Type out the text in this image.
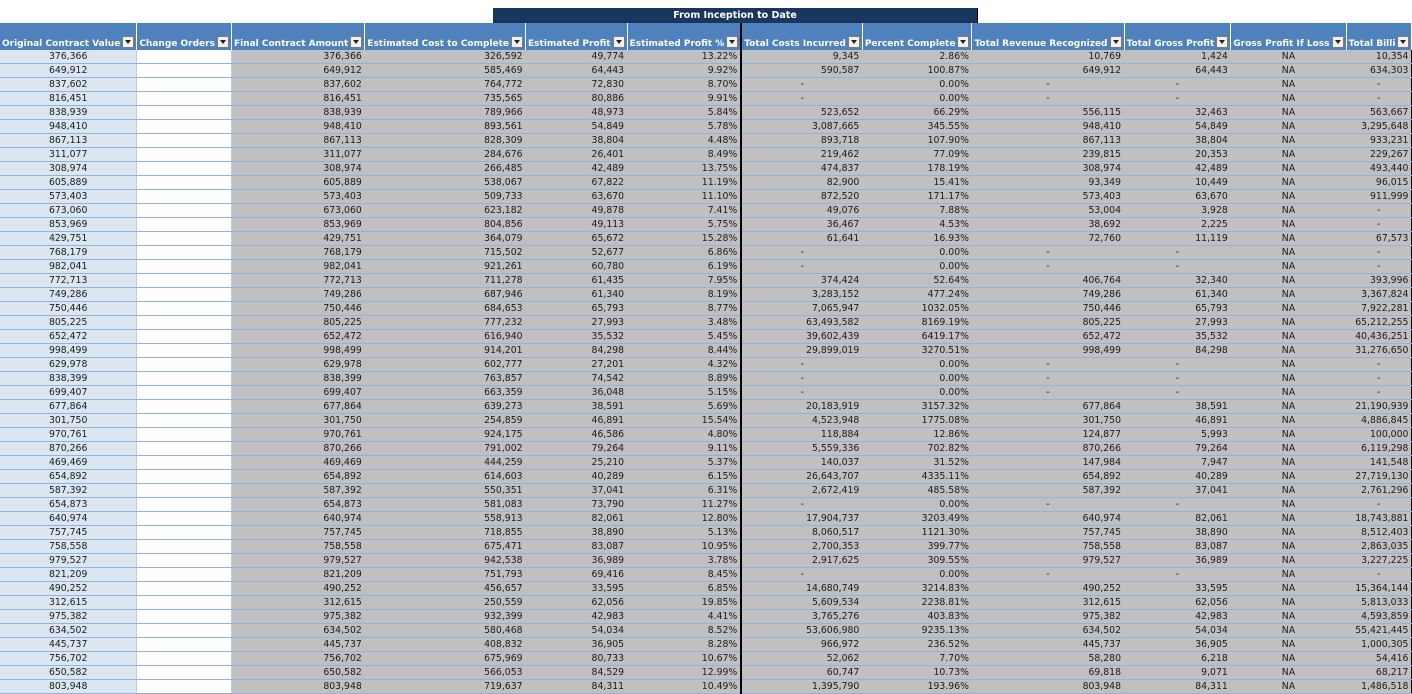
From Inception to Date
Original Contract Value	Change Orders	Final Contract Amount	Estimated Cost to Complete	Estimated Profit	Estimated Profit %	Total Costs Incurred	Percent Complete	Total Revenue Recognized	Total Gross Profit	Gross Profit If Loss	Total Billi

376,366		376,366	326,592	49,774	13.22%	9,345	2.86%	10,769	1,424	NA	10,354
649,912		649,912	585,469	64,443	9.92%	590,587	100.87%	649,912	64,443	NA	634,303
837,602		837,602	764,772	72,830	8.70%	-	0.00%	-	-	NA	-
816,451		816,451	735,565	80,886	9.91%	-	0.00%	-	-	NA	-
838,939		838,939	789,966	48,973	5.84%	523,652	66.29%	556,115	32,463	NA	563,667
948,410		948,410	893,561	54,849	5.78%	3,087,665	345.55%	948,410	54,849	NA	3,295,648
867,113		867,113	828,309	38,804	4.48%	893,718	107.90%	867,113	38,804	NA	933,231
311,077		311,077	284,676	26,401	8.49%	219,462	77.09%	239,815	20,353	NA	229,267
308,974		308,974	266,485	42,489	13.75%	474,837	178.19%	308,974	42,489	NA	493,440
605,889		605,889	538,067	67,822	11.19%	82,900	15.41%	93,349	10,449	NA	96,015
573,403		573,403	509,733	63,670	11.10%	872,520	171.17%	573,403	63,670	NA	911,999
673,060		673,060	623,182	49,878	7.41%	49,076	7.88%	53,004	3,928	NA	-
853,969		853,969	804,856	49,113	5.75%	36,467	4.53%	38,692	2,225	NA	-
429,751		429,751	364,079	65,672	15.28%	61,641	16.93%	72,760	11,119	NA	67,573
768,179		768,179	715,502	52,677	6.86%	-	0.00%	-	-	NA	-
982,041		982,041	921,261	60,780	6.19%	-	0.00%	-	-	NA	-
772,713		772,713	711,278	61,435	7.95%	374,424	52.64%	406,764	32,340	NA	393,996
749,286		749,286	687,946	61,340	8.19%	3,283,152	477.24%	749,286	61,340	NA	3,367,824
750,446		750,446	684,653	65,793	8.77%	7,065,947	1032.05%	750,446	65,793	NA	7,922,281
805,225		805,225	777,232	27,993	3.48%	63,493,582	8169.19%	805,225	27,993	NA	65,212,255
652,472		652,472	616,940	35,532	5.45%	39,602,439	6419.17%	652,472	35,532	NA	40,436,251
998,499		998,499	914,201	84,298	8.44%	29,899,019	3270.51%	998,499	84,298	NA	31,276,650
629,978		629,978	602,777	27,201	4.32%	-	0.00%	-	-	NA	-
838,399		838,399	763,857	74,542	8.89%	-	0.00%	-	-	NA	-
699,407		699,407	663,359	36,048	5.15%	-	0.00%	-	-	NA	-
677,864		677,864	639,273	38,591	5.69%	20,183,919	3157.32%	677,864	38,591	NA	21,190,939
301,750		301,750	254,859	46,891	15.54%	4,523,948	1775.08%	301,750	46,891	NA	4,886,845
970,761		970,761	924,175	46,586	4.80%	118,884	12.86%	124,877	5,993	NA	100,000
870,266		870,266	791,002	79,264	9.11%	5,559,336	702.82%	870,266	79,264	NA	6,119,298
469,469		469,469	444,259	25,210	5.37%	140,037	31.52%	147,984	7,947	NA	141,548
654,892		654,892	614,603	40,289	6.15%	26,643,707	4335.11%	654,892	40,289	NA	27,719,130
587,392		587,392	550,351	37,041	6.31%	2,672,419	485.58%	587,392	37,041	NA	2,761,296
654,873		654,873	581,083	73,790	11.27%	-	0.00%	-	-	NA	-
640,974		640,974	558,913	82,061	12.80%	17,904,737	3203.49%	640,974	82,061	NA	18,743,881
757,745		757,745	718,855	38,890	5.13%	8,060,517	1121.30%	757,745	38,890	NA	8,512,403
758,558		758,558	675,471	83,087	10.95%	2,700,353	399.77%	758,558	83,087	NA	2,863,035
979,527		979,527	942,538	36,989	3.78%	2,917,625	309.55%	979,527	36,989	NA	3,227,225
821,209		821,209	751,793	69,416	8.45%	-	0.00%	-	-	NA	-
490,252		490,252	456,657	33,595	6.85%	14,680,749	3214.83%	490,252	33,595	NA	15,364,144
312,615		312,615	250,559	62,056	19.85%	5,609,534	2238.81%	312,615	62,056	NA	5,813,033
975,382		975,382	932,399	42,983	4.41%	3,765,276	403.83%	975,382	42,983	NA	4,593,859
634,502		634,502	580,468	54,034	8.52%	53,606,980	9235.13%	634,502	54,034	NA	55,421,445
445,737		445,737	408,832	36,905	8.28%	966,972	236.52%	445,737	36,905	NA	1,000,305
756,702		756,702	675,969	80,733	10.67%	52,062	7.70%	58,280	6,218	NA	54,416
650,582		650,582	566,053	84,529	12.99%	60,747	10.73%	69,818	9,071	NA	68,217
803,948		803,948	719,637	84,311	10.49%	1,395,790	193.96%	803,948	84,311	NA	1,486,518
